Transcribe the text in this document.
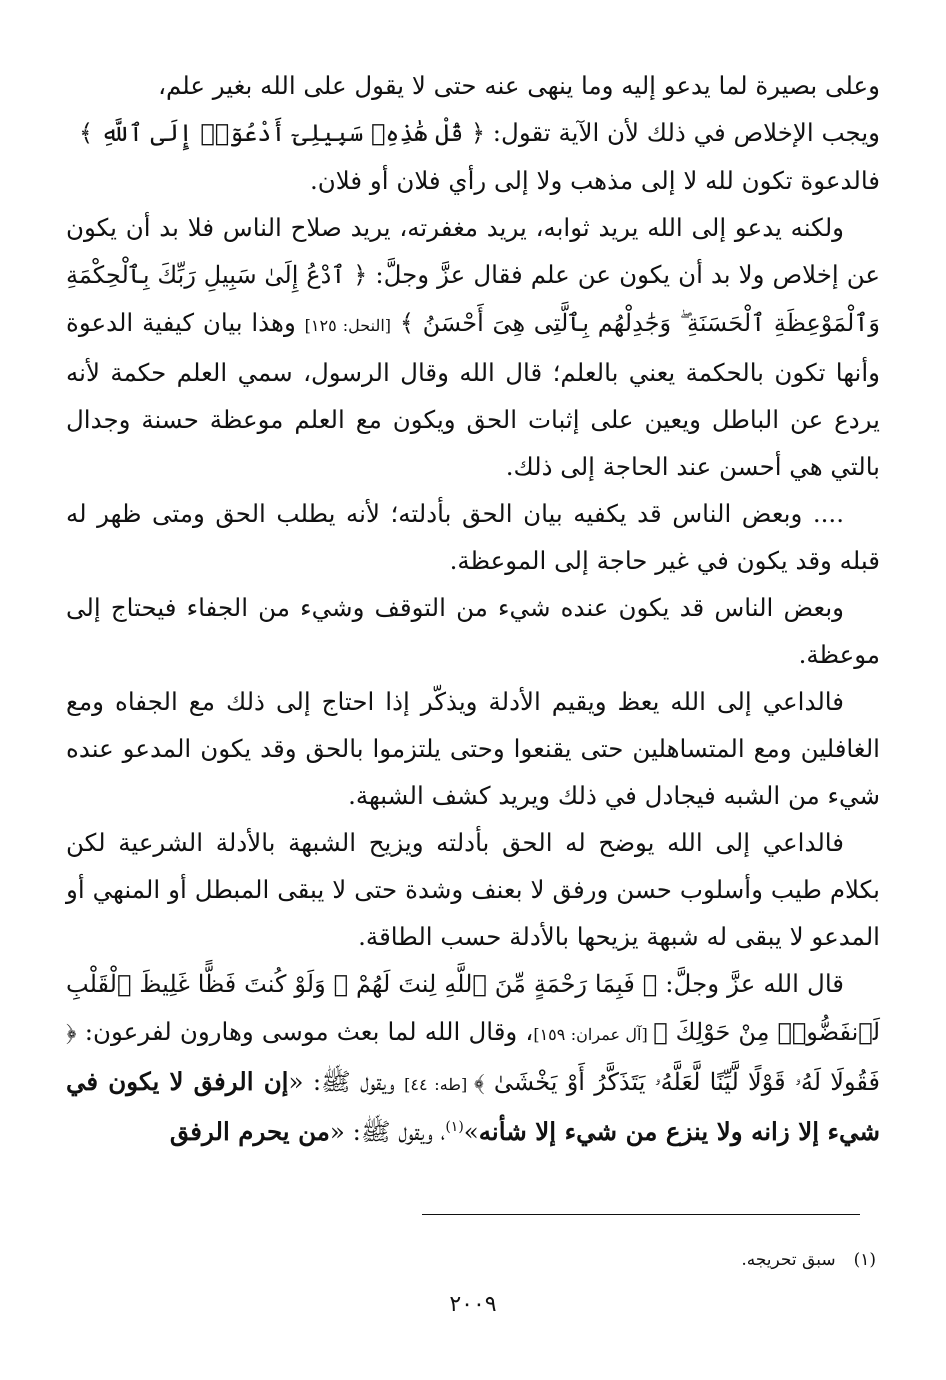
وعلى بصيرة لما يدعو إليه وما ينهى عنه حتى لا يقول على الله بغير علم،
ويجب الإخلاص في ذلك لأن الآية تقول: ﴿ قُلْ هَٰذِهِۦ سَبِيلِىٓ أَدْعُوٓا۟ إِلَى ٱللَّهِ ﴾
فالدعوة تكون لله لا إلى مذهب ولا إلى رأي فلان أو فلان.

ولكنه يدعو إلى الله يريد ثوابه، يريد مغفرته، يريد صلاح الناس فلا بد أن يكون عن إخلاص ولا بد أن يكون عن علم فقال عزَّ وجلَّ: ﴿ ٱدْعُ إِلَىٰ سَبِيلِ رَبِّكَ بِٱلْحِكْمَةِ وَٱلْمَوْعِظَةِ ٱلْحَسَنَةِ ۖ وَجَٰدِلْهُم بِٱلَّتِى هِىَ أَحْسَنُ ﴾ [النحل: ١٢٥] وهذا بيان كيفية الدعوة وأنها تكون بالحكمة يعني بالعلم؛ قال الله وقال الرسول، سمي العلم حكمة لأنه يردع عن الباطل ويعين على إثبات الحق ويكون مع العلم موعظة حسنة وجدال بالتي هي أحسن عند الحاجة إلى ذلك.

.... وبعض الناس قد يكفيه بيان الحق بأدلته؛ لأنه يطلب الحق ومتى ظهر له قبله وقد يكون في غير حاجة إلى الموعظة.

وبعض الناس قد يكون عنده شيء من التوقف وشيء من الجفاء فيحتاج إلى موعظة.

فالداعي إلى الله يعظ ويقيم الأدلة ويذكّر إذا احتاج إلى ذلك مع الجفاه ومع الغافلين ومع المتساهلين حتى يقنعوا وحتى يلتزموا بالحق وقد يكون المدعو عنده شيء من الشبه فيجادل في ذلك ويريد كشف الشبهة.

فالداعي إلى الله يوضح له الحق بأدلته ويزيح الشبهة بالأدلة الشرعية لكن بكلام طيب وأسلوب حسن ورفق لا بعنف وشدة حتى لا يبقى المبطل أو المنهي أو المدعو لا يبقى له شبهة يزيحها بالأدلة حسب الطاقة.

قال الله عزَّ وجلَّ: ﴿ فَبِمَا رَحْمَةٍ مِّنَ ٱللَّهِ لِنتَ لَهُمْ ۖ وَلَوْ كُنتَ فَظًّا غَلِيظَ ٱلْقَلْبِ لَٱنفَضُّوا۟ مِنْ حَوْلِكَ ﴾ [آل عمران: ١٥٩]، وقال الله لما بعث موسى وهارون لفرعون: ﴿ فَقُولَا لَهُۥ قَوْلًا لَّيِّنًا لَّعَلَّهُۥ يَتَذَكَّرُ أَوْ يَخْشَىٰ ﴾ [طه: ٤٤] ويقول ﷺ: «إن الرفق لا يكون في شيء إلا زانه ولا ينزع من شيء إلا شأنه»$^{(١)}$، ويقول ﷺ: «من يحرم الرفق

(١)سبق تحريجه.
٢٠٠٩
